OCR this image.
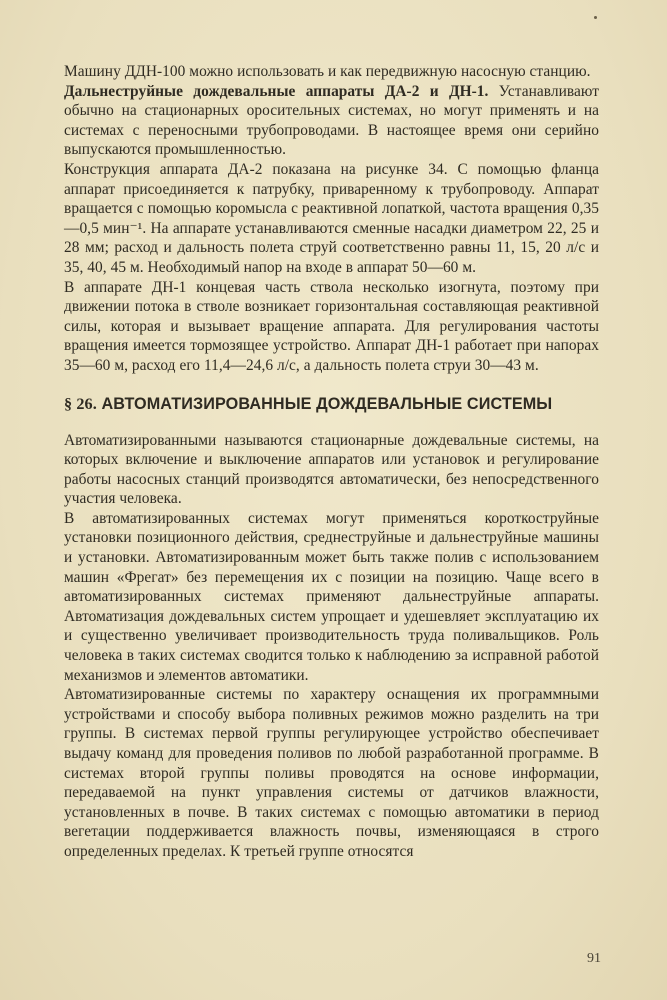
Машину ДДН-100 можно использовать и как передвижную насосную станцию.

Дальнеструйные дождевальные аппараты ДА-2 и ДН-1. Устанавливают обычно на стационарных оросительных системах, но могут применять и на системах с переносными трубопроводами. В настоящее время они серийно выпускаются промышленностью.

Конструкция аппарата ДА-2 показана на рисунке 34. С помощью фланца аппарат присоединяется к патрубку, приваренному к трубопроводу. Аппарат вращается с помощью коромысла с реактивной лопаткой, частота вращения 0,35—0,5 мин⁻¹. На аппарате устанавливаются сменные насадки диаметром 22, 25 и 28 мм; расход и дальность полета струй соответственно равны 11, 15, 20 л/с и 35, 40, 45 м. Необходимый напор на входе в аппарат 50—60 м.

В аппарате ДН-1 концевая часть ствола несколько изогнута, поэтому при движении потока в стволе возникает горизонтальная составляющая реактивной силы, которая и вызывает вращение аппарата. Для регулирования частоты вращения имеется тормозящее устройство. Аппарат ДН-1 работает при напорах 35—60 м, расход его 11,4—24,6 л/с, а дальность полета струи 30—43 м.

§ 26. АВТОМАТИЗИРОВАННЫЕ ДОЖДЕВАЛЬНЫЕ СИСТЕМЫ

Автоматизированными называются стационарные дождевальные системы, на которых включение и выключение аппаратов или установок и регулирование работы насосных станций производятся автоматически, без непосредственного участия человека.

В автоматизированных системах могут применяться короткоструйные установки позиционного действия, среднеструйные и дальнеструйные машины и установки. Автоматизированным может быть также полив с использованием машин «Фрегат» без перемещения их с позиции на позицию. Чаще всего в автоматизированных системах применяют дальнеструйные аппараты. Автоматизация дождевальных систем упрощает и удешевляет эксплуатацию их и существенно увеличивает производительность труда поливальщиков. Роль человека в таких системах сводится только к наблюдению за исправной работой механизмов и элементов автоматики.

Автоматизированные системы по характеру оснащения их программными устройствами и способу выбора поливных режимов можно разделить на три группы. В системах первой группы регулирующее устройство обеспечивает выдачу команд для проведения поливов по любой разработанной программе. В системах второй группы поливы проводятся на основе информации, передаваемой на пункт управления системы от датчиков влажности, установленных в почве. В таких системах с помощью автоматики в период вегетации поддерживается влажность почвы, изменяющаяся в строго определенных пределах. К третьей группе относятся

91
